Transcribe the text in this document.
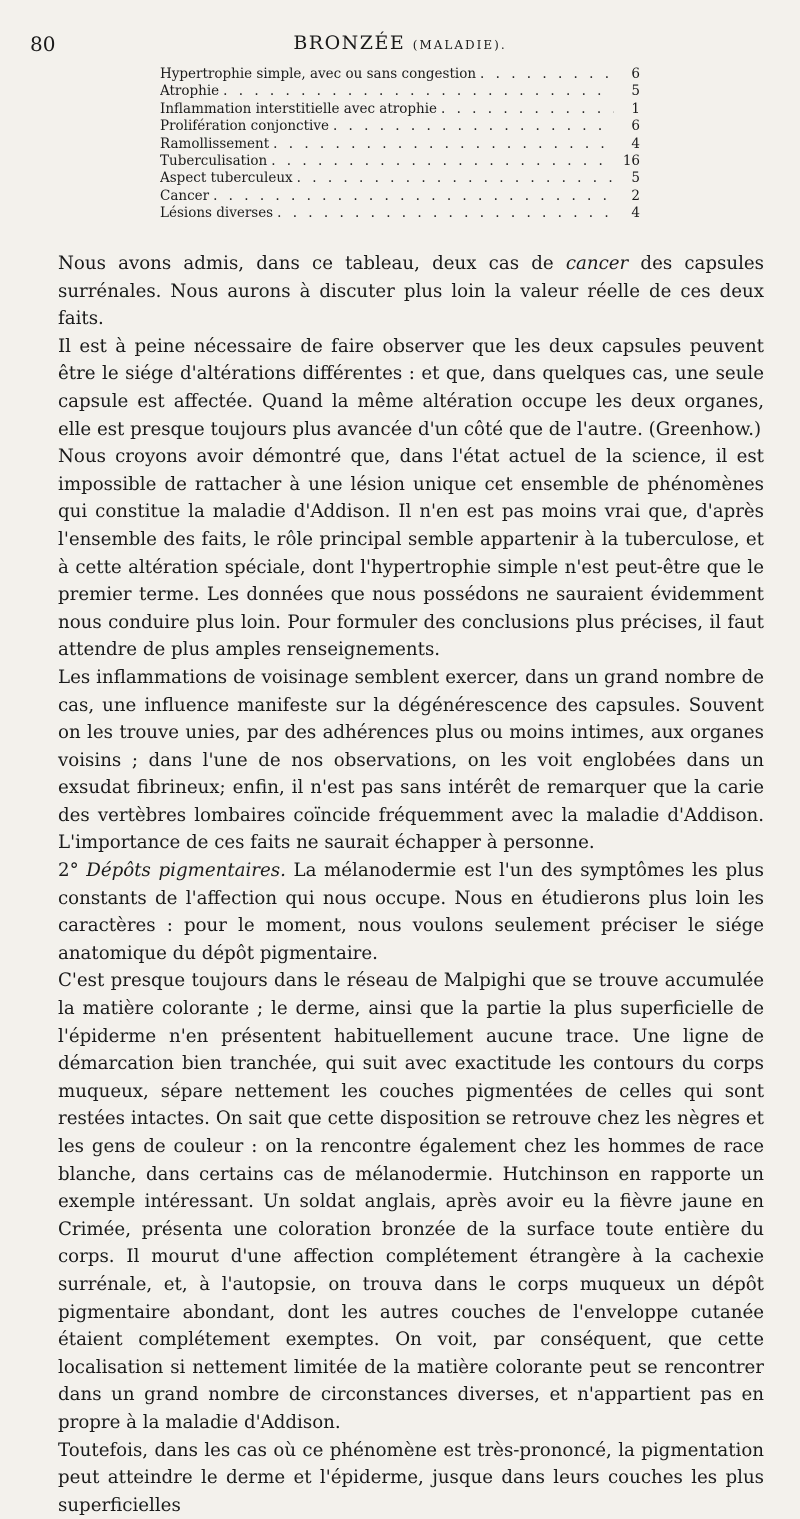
80	BRONZÉE (MALADIE).
Hypertrophie simple, avec ou sans congestion . . .	6
Atrophie . . .	5
Inflammation interstitielle avec atrophie . . .	1
Prolifération conjonctive . . .	6
Ramollissement . . .	4
Tuberculisation . . .	16
Aspect tuberculeux . . .	5
Cancer . . .	2
Lésions diverses . . .	4

Nous avons admis, dans ce tableau, deux cas de cancer des capsules surrénales. Nous aurons à discuter plus loin la valeur réelle de ces deux faits.

Il est à peine nécessaire de faire observer que les deux capsules peuvent être le siége d'altérations différentes : et que, dans quelques cas, une seule capsule est affectée. Quand la même altération occupe les deux organes, elle est presque toujours plus avancée d'un côté que de l'autre. (Greenhow.)

Nous croyons avoir démontré que, dans l'état actuel de la science, il est impossible de rattacher à une lésion unique cet ensemble de phénomènes qui constitue la maladie d'Addison. Il n'en est pas moins vrai que, d'après l'ensemble des faits, le rôle principal semble appartenir à la tuberculose, et à cette altération spéciale, dont l'hypertrophie simple n'est peut-être que le premier terme. Les données que nous possédons ne sauraient évidemment nous conduire plus loin. Pour formuler des conclusions plus précises, il faut attendre de plus amples renseignements.

Les inflammations de voisinage semblent exercer, dans un grand nombre de cas, une influence manifeste sur la dégénérescence des capsules. Souvent on les trouve unies, par des adhérences plus ou moins intimes, aux organes voisins ; dans l'une de nos observations, on les voit englobées dans un exsudat fibrineux; enfin, il n'est pas sans intérêt de remarquer que la carie des vertèbres lombaires coïncide fréquemment avec la maladie d'Addison. L'importance de ces faits ne saurait échapper à personne.

2° Dépôts pigmentaires. La mélanodermie est l'un des symptômes les plus constants de l'affection qui nous occupe. Nous en étudierons plus loin les caractères : pour le moment, nous voulons seulement préciser le siége anatomique du dépôt pigmentaire.

C'est presque toujours dans le réseau de Malpighi que se trouve accumulée la matière colorante ; le derme, ainsi que la partie la plus superficielle de l'épiderme n'en présentent habituellement aucune trace. Une ligne de démarcation bien tranchée, qui suit avec exactitude les contours du corps muqueux, sépare nettement les couches pigmentées de celles qui sont restées intactes. On sait que cette disposition se retrouve chez les nègres et les gens de couleur : on la rencontre également chez les hommes de race blanche, dans certains cas de mélanodermie. Hutchinson en rapporte un exemple intéressant. Un soldat anglais, après avoir eu la fièvre jaune en Crimée, présenta une coloration bronzée de la surface toute entière du corps. Il mourut d'une affection complétement étrangère à la cachexie surrénale, et, à l'autopsie, on trouva dans le corps muqueux un dépôt pigmentaire abondant, dont les autres couches de l'enveloppe cutanée étaient complétement exemptes. On voit, par conséquent, que cette localisation si nettement limitée de la matière colorante peut se rencontrer dans un grand nombre de circonstances diverses, et n'appartient pas en propre à la maladie d'Addison.

Toutefois, dans les cas où ce phénomène est très-prononcé, la pigmentation peut atteindre le derme et l'épiderme, jusque dans leurs couches les plus superficielles
